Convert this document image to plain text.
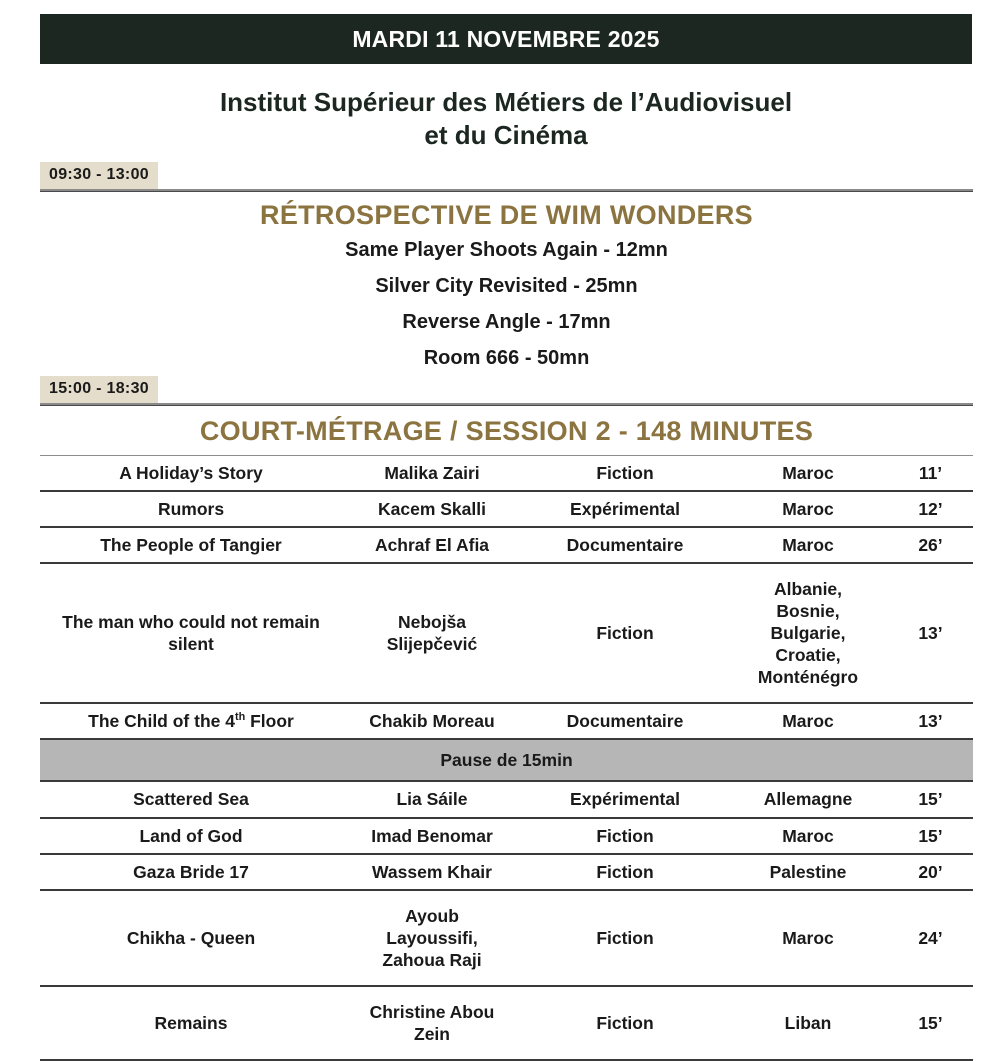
MARDI 11 NOVEMBRE 2025
Institut Supérieur des Métiers de l’Audiovisuel
et du Cinéma
09:30 - 13:00
RÉTROSPECTIVE DE WIM WONDERS
Same Player Shoots Again - 12mn
Silver City Revisited - 25mn
Reverse Angle - 17mn
Room 666 - 50mn
15:00 - 18:30
COURT-MÉTRAGE / SESSION 2 - 148 MINUTES
A Holiday’s Story	Malika Zairi	Fiction	Maroc	11’
Rumors	Kacem Skalli	Expérimental	Maroc	12’
The People of Tangier	Achraf El Afia	Documentaire	Maroc	26’
The man who could not remain silent	Nebojša Slijepčević	Fiction	Albanie, Bosnie, Bulgarie, Croatie, Monténégro	13’
The Child of the 4th Floor	Chakib Moreau	Documentaire	Maroc	13’
Pause de 15min				
Scattered Sea	Lia Sáile	Expérimental	Allemagne	15’
Land of God	Imad Benomar	Fiction	Maroc	15’
Gaza Bride 17	Wassem Khair	Fiction	Palestine	20’
Chikha - Queen	Ayoub Layoussifi, Zahoua Raji	Fiction	Maroc	24’
Remains	Christine Abou Zein	Fiction	Liban	15’
